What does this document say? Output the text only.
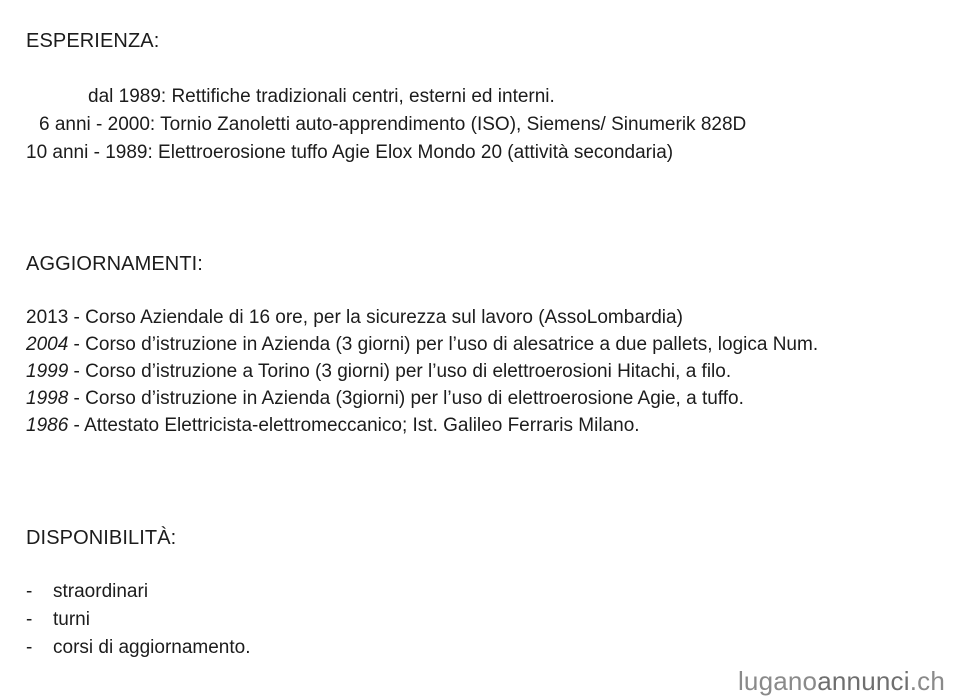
ESPERIENZA:
dal 1989: Rettifiche tradizionali centri, esterni ed interni.
6 anni - 2000: Tornio Zanoletti auto-apprendimento (ISO), Siemens/ Sinumerik 828D
10 anni - 1989: Elettroerosione tuffo Agie Elox Mondo 20 (attività secondaria)
AGGIORNAMENTI:
2013 - Corso Aziendale di 16 ore, per la sicurezza sul lavoro (AssoLombardia)
2004 - Corso d’istruzione in Azienda (3 giorni) per l’uso di alesatrice a due pallets, logica Num.
1999 - Corso d’istruzione a Torino (3 giorni) per l’uso di elettroerosioni Hitachi, a filo.
1998 - Corso d’istruzione in Azienda (3giorni) per l’uso di elettroerosione Agie, a tuffo.
1986 - Attestato Elettricista-elettromeccanico; Ist. Galileo Ferraris Milano.
DISPONIBILITÀ:
- straordinari
- turni
- corsi di aggiornamento.
luganoannunci.ch
